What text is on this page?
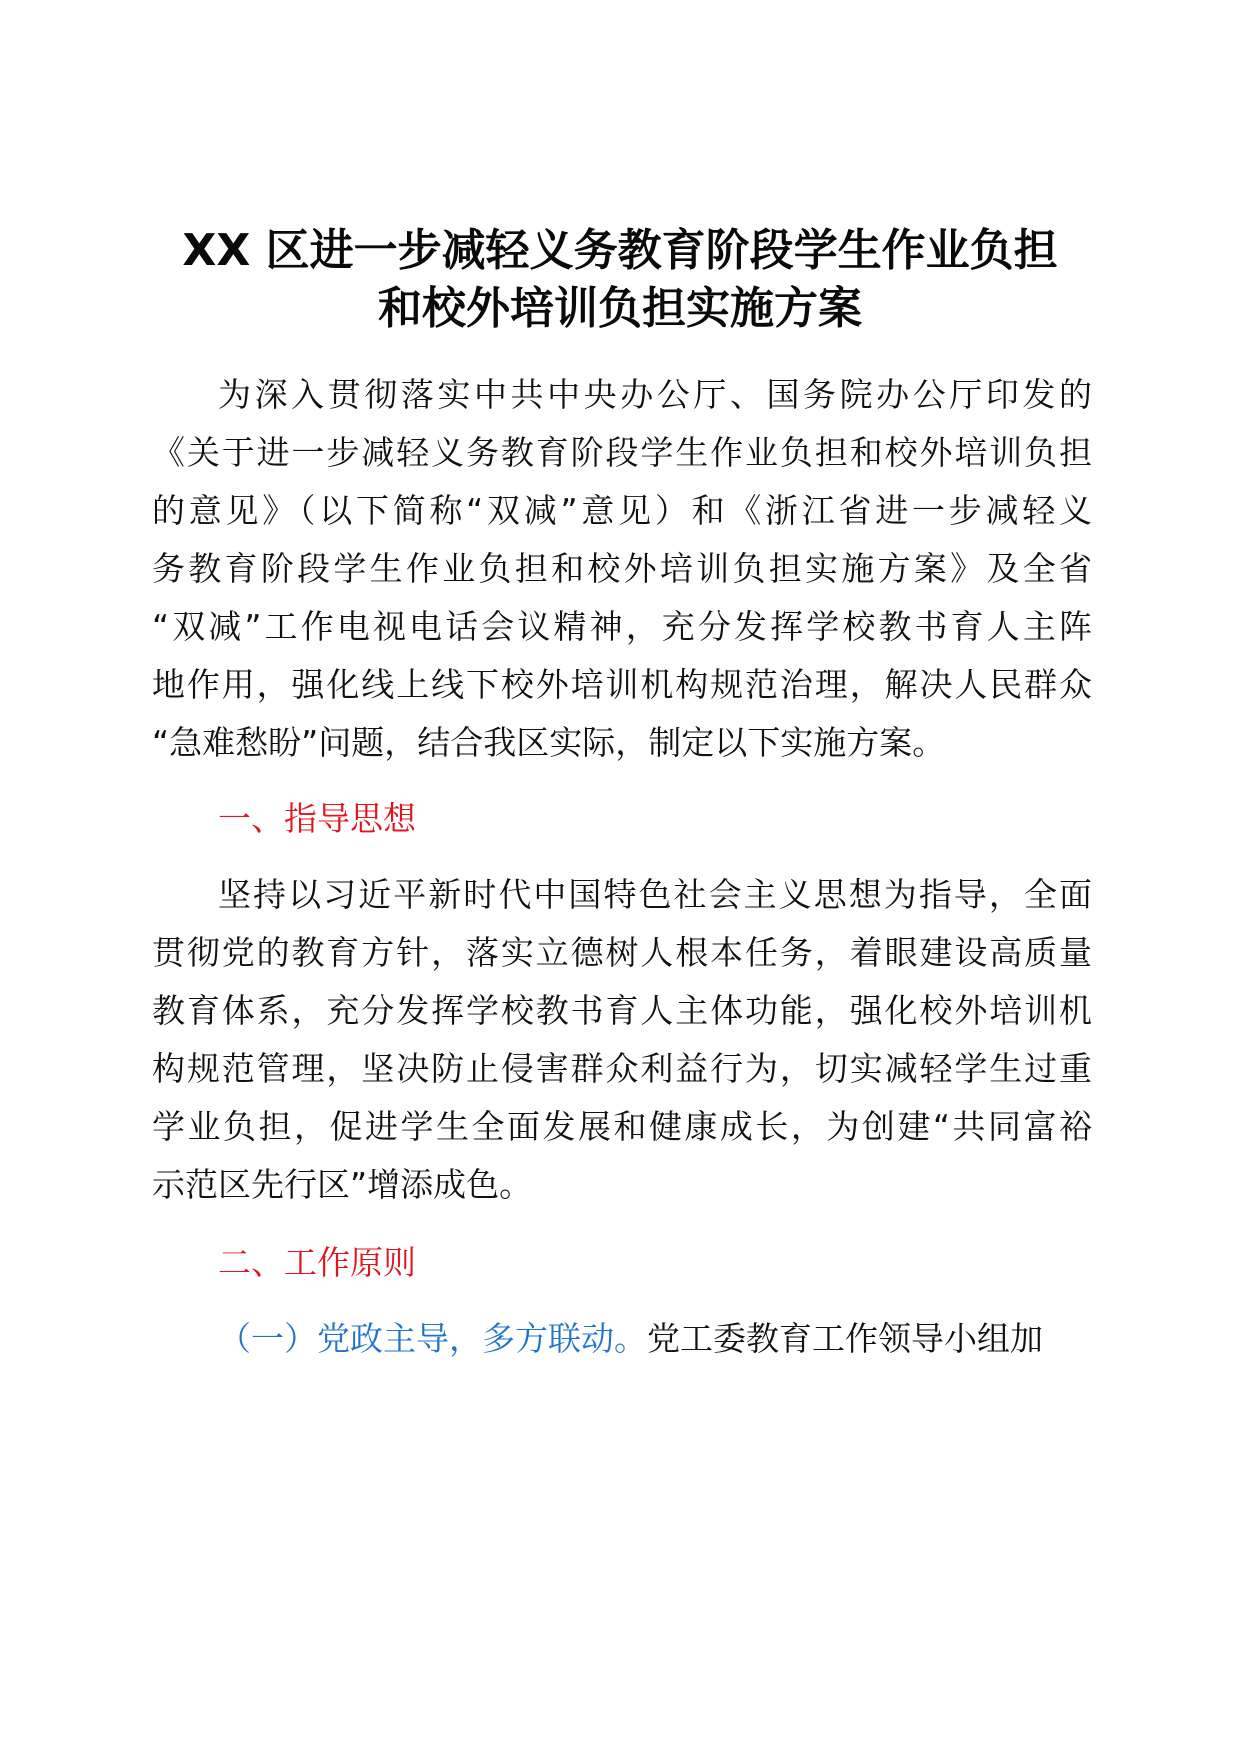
XX 区进一步减轻义务教育阶段学生作业负担
和校外培训负担实施方案
为深入贯彻落实中共中央办公厅、国务院办公厅印发的
《关于进一步减轻义务教育阶段学生作业负担和校外培训负担
的意见》（以下简称“双减”意见）和《浙江省进一步减轻义
务教育阶段学生作业负担和校外培训负担实施方案》及全省
“双减”工作电视电话会议精神，充分发挥学校教书育人主阵
地作用，强化线上线下校外培训机构规范治理，解决人民群众
“急难愁盼”问题，结合我区实际，制定以下实施方案。
一、指导思想
坚持以习近平新时代中国特色社会主义思想为指导，全面
贯彻党的教育方针，落实立德树人根本任务，着眼建设高质量
教育体系，充分发挥学校教书育人主体功能，强化校外培训机
构规范管理，坚决防止侵害群众利益行为，切实减轻学生过重
学业负担，促进学生全面发展和健康成长，为创建“共同富裕
示范区先行区”增添成色。
二、工作原则
（一）党政主导，多方联动。党工委教育工作领导小组加
